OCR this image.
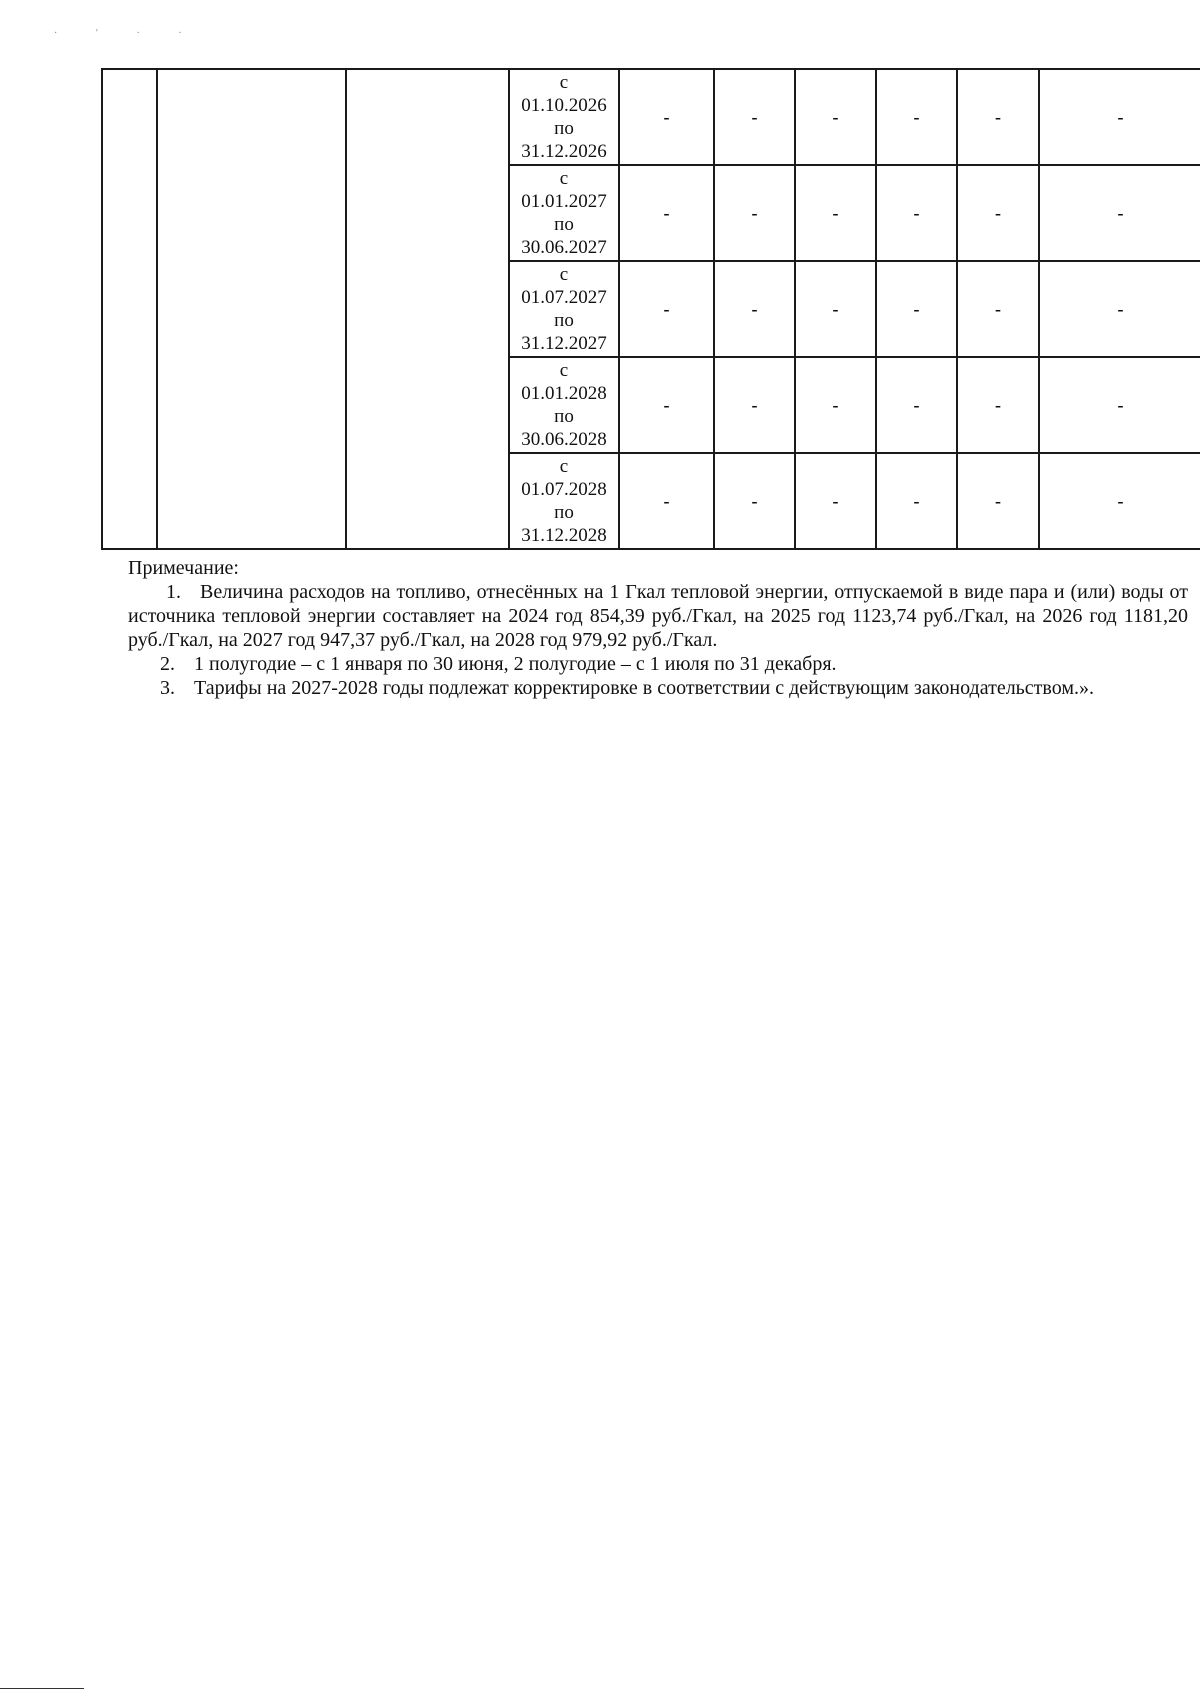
· ′ · ·

			с
01.10.2026
по
31.12.2026	-	-	-	-	-	-

			с
01.01.2027
по
30.06.2027	-	-	-	-	-	-

			с
01.07.2027
по
31.12.2027	-	-	-	-	-	-

			с
01.01.2028
по
30.06.2028	-	-	-	-	-	-

			с
01.07.2028
по
31.12.2028	-	-	-	-	-	-

Примечание:

1. Величина расходов на топливо, отнесённых на 1 Гкал тепловой энергии, отпускаемой в виде пара и (или) воды от источника тепловой энергии составляет на 2024 год 854,39 руб./Гкал, на 2025 год 1123,74 руб./Гкал, на 2026 год 1181,20 руб./Гкал, на 2027 год 947,37 руб./Гкал, на 2028 год 979,92 руб./Гкал.

2. 1 полугодие – с 1 января по 30 июня, 2 полугодие – с 1 июля по 31 декабря.

3. Тарифы на 2027-2028 годы подлежат корректировке в соответствии с действующим законодательством.».
